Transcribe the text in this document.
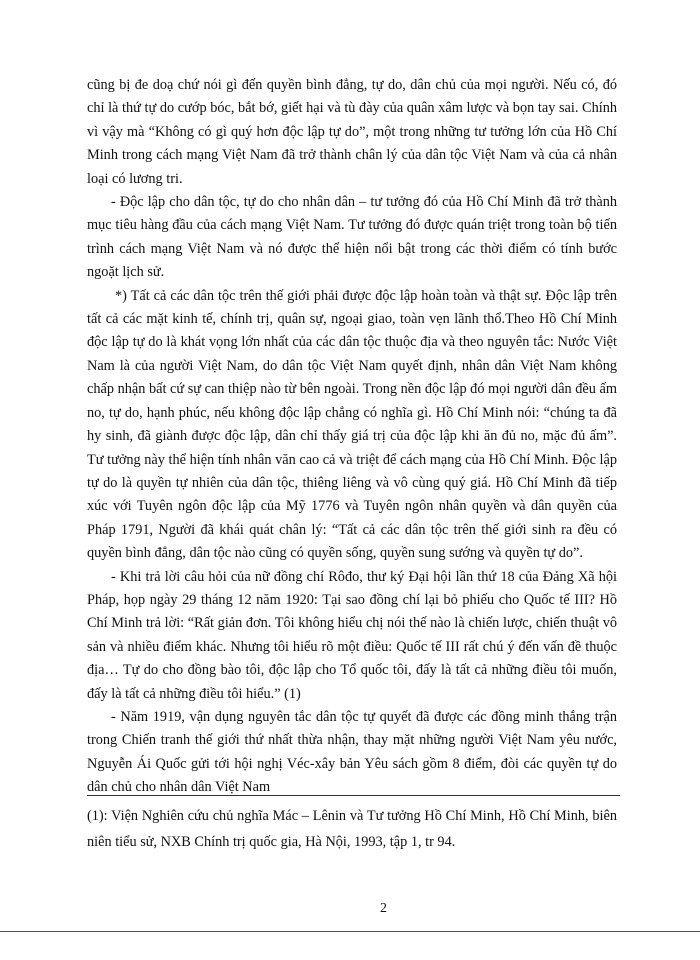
cũng bị đe doạ chứ nói gì đến quyền bình đẳng, tự do, dân chủ của mọi người. Nếu có, đó chỉ là thứ tự do cướp bóc, bắt bớ, giết hại và tù đày của quân xâm lược và bọn tay sai. Chính vì vậy mà “Không có gì quý hơn độc lập tự do”, một trong những tư tưởng lớn của Hồ Chí Minh trong cách mạng Việt Nam đã trở thành chân lý của dân tộc Việt Nam và của cả nhân loại có lương tri.

- Độc lập cho dân tộc, tự do cho nhân dân – tư tưởng đó của Hồ Chí Minh đã trở thành mục tiêu hàng đầu của cách mạng Việt Nam. Tư tưởng đó được quán triệt trong toàn bộ tiến trình cách mạng Việt Nam và nó được thể hiện nổi bật trong các thời điểm có tính bước ngoặt lịch sử.

*) Tất cả các dân tộc trên thế giới phải được độc lập hoàn toàn và thật sự. Độc lập trên tất cả các mặt kinh tế, chính trị, quân sự, ngoại giao, toàn vẹn lãnh thổ.Theo Hồ Chí Minh độc lập tự do là khát vọng lớn nhất của các dân tộc thuộc địa và theo nguyên tắc: Nước Việt Nam là của người Việt Nam, do dân tộc Việt Nam quyết định, nhân dân Việt Nam không chấp nhận bất cứ sự can thiệp nào từ bên ngoài. Trong nền độc lập đó mọi người dân đều ấm no, tự do, hạnh phúc, nếu không độc lập chẳng có nghĩa gì. Hồ Chí Minh nói: “chúng ta đã hy sinh, đã giành được độc lập, dân chỉ thấy giá trị của độc lập khi ăn đủ no, mặc đủ ấm”. Tư tưởng này thể hiện tính nhân văn cao cả và triệt để cách mạng của Hồ Chí Minh. Độc lập tự do là quyền tự nhiên của dân tộc, thiêng liêng và vô cùng quý giá. Hồ Chí Minh đã tiếp xúc với Tuyên ngôn độc lập của Mỹ 1776 và Tuyên ngôn nhân quyền và dân quyền của Pháp 1791, Người đã khái quát chân lý: “Tất cả các dân tộc trên thế giới sinh ra đều có quyền bình đẳng, dân tộc nào cũng có quyền sống, quyền sung sướng và quyền tự do”.

- Khi trả lời câu hỏi của nữ đồng chí Rôđo, thư ký Đại hội lần thứ 18 của Đảng Xã hội Pháp, họp ngày 29 tháng 12 năm 1920: Tại sao đồng chí lại bỏ phiếu cho Quốc tế III? Hồ Chí Minh trả lời: “Rất giản đơn. Tôi không hiểu chị nói thế nào là chiến lược, chiến thuật vô sản và nhiều điểm khác. Nhưng tôi hiểu rõ một điều: Quốc tế III rất chú ý đến vấn đề thuộc địa… Tự do cho đồng bào tôi, độc lập cho Tổ quốc tôi, đấy là tất cả những điều tôi muốn, đấy là tất cả những điều tôi hiểu.” (1)

- Năm 1919, vận dụng nguyên tắc dân tộc tự quyết đã được các đồng minh thắng trận trong Chiến tranh thế giới thứ nhất thừa nhận, thay mặt những người Việt Nam yêu nước, Nguyễn Ái Quốc gửi tới hội nghị Véc-xây bản Yêu sách gồm 8 điểm, đòi các quyền tự do dân chủ cho nhân dân Việt Nam

(1): Viện Nghiên cứu chủ nghĩa Mác – Lênin và Tư tưởng Hồ Chí Minh, Hồ Chí Minh, biên niên tiểu sử, NXB Chính trị quốc gia, Hà Nội, 1993, tập 1, tr 94.

2
